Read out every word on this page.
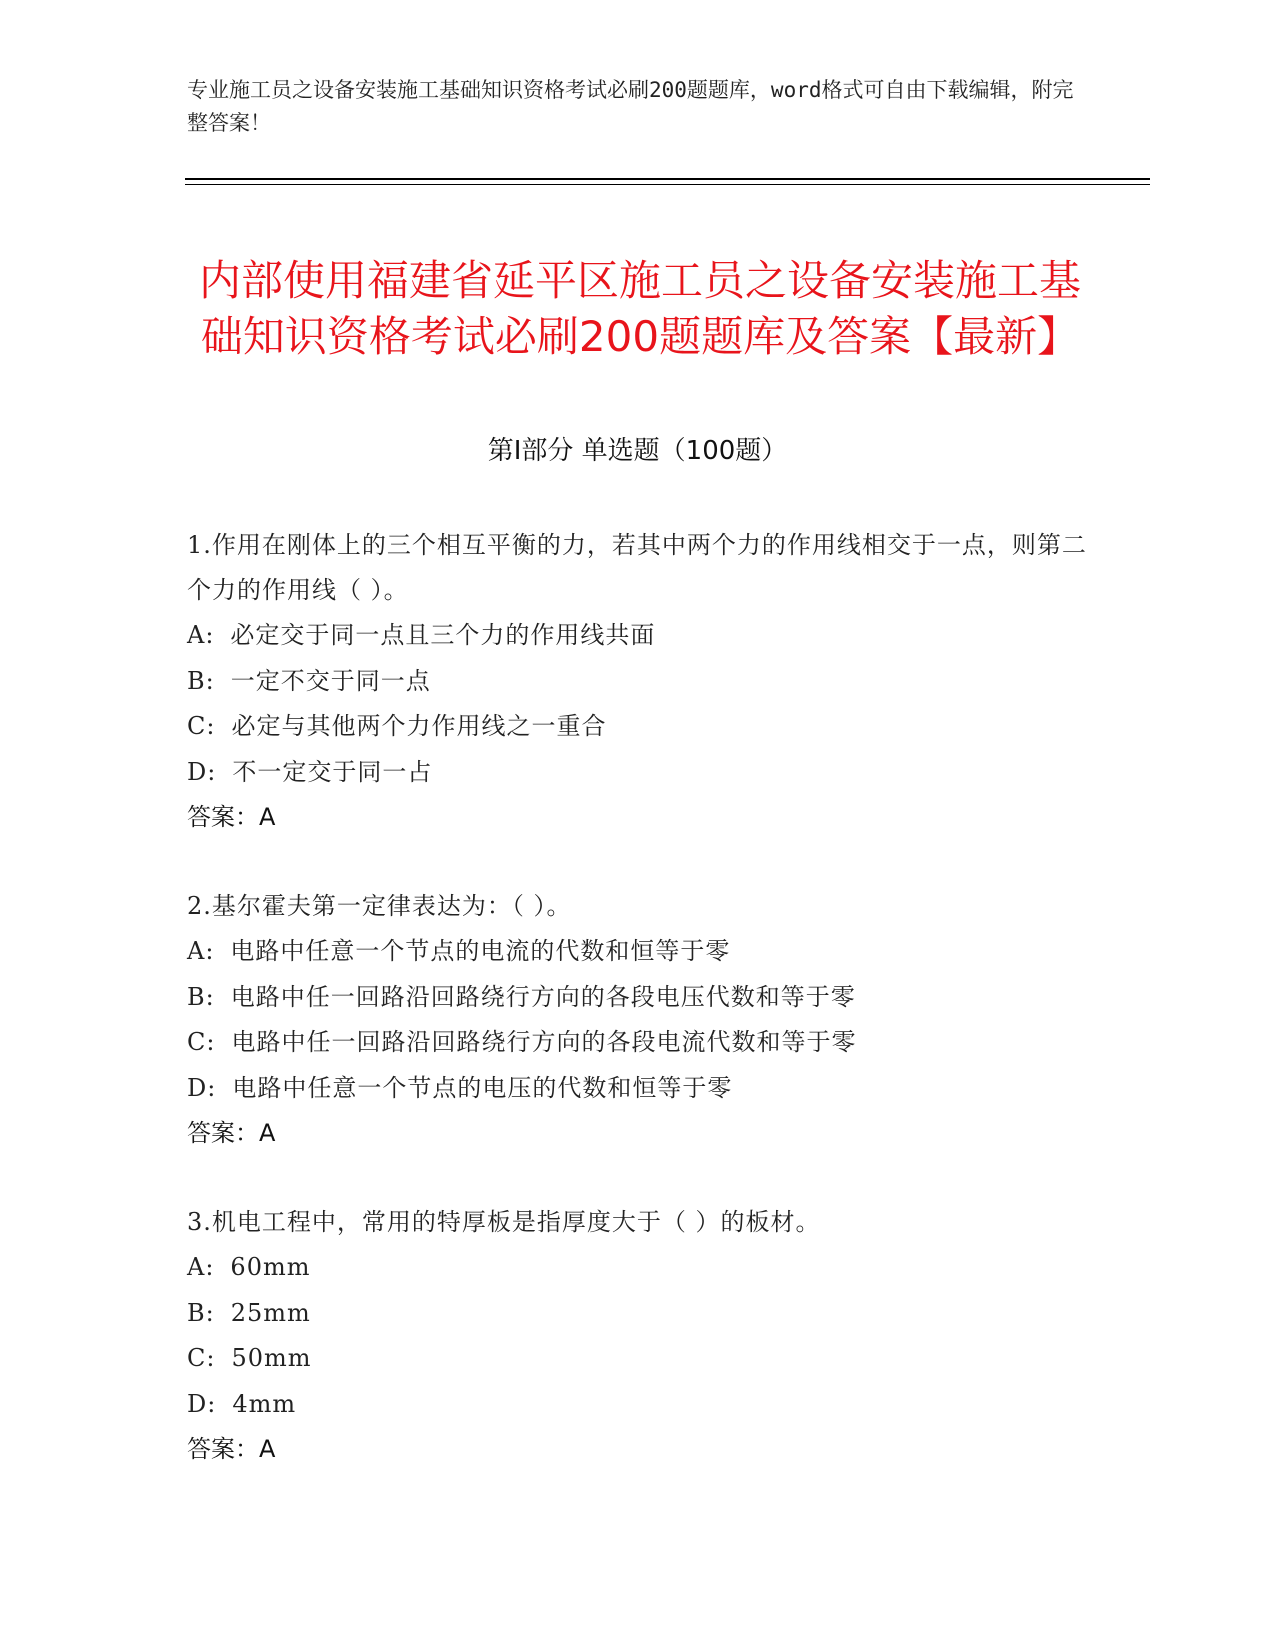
专业施工员之设备安装施工基础知识资格考试必刷200题题库，word格式可自由下载编辑，附完整答案！
内部使用福建省延平区施工员之设备安装施工基础知识资格考试必刷200题题库及答案【最新】
第Ⅰ部分 单选题（100题）
1.作用在刚体上的三个相互平衡的力，若其中两个力的作用线相交于一点，则第二个力的作用线（ ）。
A: 必定交于同一点且三个力的作用线共面
B: 一定不交于同一点
C: 必定与其他两个力作用线之一重合
D: 不一定交于同一占
答案：A
2.基尔霍夫第一定律表达为：（ ）。
A: 电路中任意一个节点的电流的代数和恒等于零
B: 电路中任一回路沿回路绕行方向的各段电压代数和等于零
C: 电路中任一回路沿回路绕行方向的各段电流代数和等于零
D: 电路中任意一个节点的电压的代数和恒等于零
答案：A
3.机电工程中，常用的特厚板是指厚度大于（ ）的板材。
A: 60mm
B: 25mm
C: 50mm
D: 4mm
答案：A
